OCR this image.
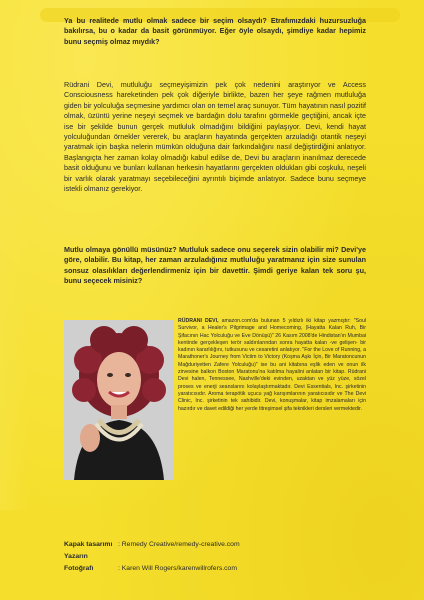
Ya bu realitede mutlu olmak sadece bir seçim olsaydı? Etrafımızdaki huzursuzluğa bakılırsa, bu o kadar da basit görünmüyor. Eğer öyle olsaydı, şimdiye kadar hepimiz bunu seçmiş olmaz mıydık?

Rüdrani Devi, mutluluğu seçmeyişimizin pek çok nedenini araştırıyor ve Access Consciousness hareketinden pek çok diğeriyle birlikte, bazen her şeye rağmen mutluluğa giden bir yolculuğa seçmesine yardımcı olan on temel araç sunuyor. Tüm hayatının nasıl pozitif olmak, üzüntü yerine neşeyi seçmek ve bardağın dolu tarafını görmekle geçtiğini, ancak içte ise bir şekilde bunun gerçek mutluluk olmadığını bildiğini paylaşıyor. Devi, kendi hayat yolculuğundan örnekler vererek, bu araçların hayatında gerçekten arzuladığı otantik neşeyi yaratmak için başka nelerin mümkün olduğuna dair farkındalığını nasıl değiştirdiğini anlatıyor. Başlangıçta her zaman kolay olmadığı kabul edilse de, Devi bu araçların inanılmaz derecede basit olduğunu ve bunları kullanan herkesin hayatlarını gerçekten oldukları gibi coşkulu, neşeli bir varlık olarak yaratmayı seçebileceğini ayrıntılı biçimde anlatıyor. Sadece bunu seçmeye istekli olmanız gerekiyor.

Mutlu olmaya gönüllü müsünüz? Mutluluk sadece onu seçerek sizin olabilir mi? Devi'ye göre, olabilir. Bu kitap, her zaman arzuladığınız mutluluğu yaratmanız için size sunulan sonsuz olasılıkları değerlendirmeniz için bir davettir. Şimdi geriye kalan tek soru şu, bunu seçecek misiniz?

RÜDRANI DEVI, amazon.com'da bulunan 5 yıldızlı iki kitap yazmıştır: "Soul Survivor, a Healer's Pilgrimage and Homecoming, (Hayatta Kalan Ruh, Bir Şifacının Hac Yolculuğu ve Eve Dönüşü)" 26 Kasım 2008'de Hindistan'ın Mumbai kentinde gerçekleşen terör saldırılarından sonra hayatta kalan -ve gelişen- bir kadının kararlılığını, tutkusunu ve cesaretini anlatıyor. "For the Love of Running, a Marathoner's Journey from Victim to Victory (Koşma Aşkı İçin, Bir Maratoncunun Mağduriyetten Zafere Yolculuğu)" ise bu ani kitabına eşlik eden ve onun ilk zirvesine balkon Boston Maratonu'na katılma hayalini anlatan bir kitap. Rüdrani Devi halen, Tennessee, Nashville'deki evinden, uzaktan ve yüz yüze, sözel proses ve enerji seanslarını kolaylaştırmaktadır. Devi Essentials, Inc. şirketinin yaratıcısıdır. Aroma terapötik uçucu yağ karışımlarının yaratıcısıdır ve The Devi Clinic, Inc. şirketinin tek sahibidir. Devi, konuşmalar, kitap imzalamaları için hazırdır ve davet edildiği her yerde titreşimsel şifa teknikleri dersleri vermektedir.

Kapak tasarımı : Remedy Creative/remedy-creative.com
Yazarın Fotoğrafı	: Karen Will Rogers/karenwillrofers.com
